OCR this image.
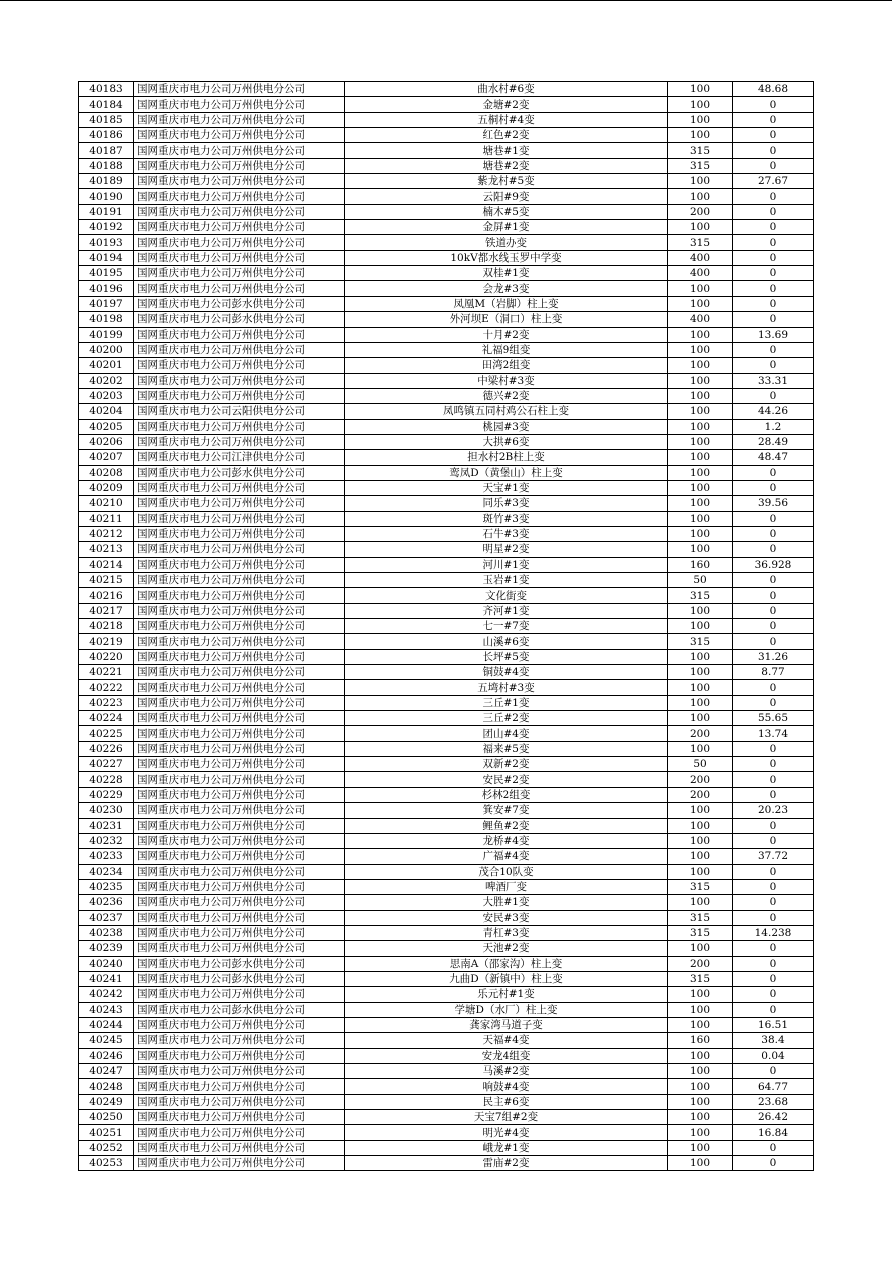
40183	国网重庆市电力公司万州供电分公司	曲水村#6变	100	48.68
40184	国网重庆市电力公司万州供电分公司	金塘#2变	100	0
40185	国网重庆市电力公司万州供电分公司	五桐村#4变	100	0
40186	国网重庆市电力公司万州供电分公司	红色#2变	100	0
40187	国网重庆市电力公司万州供电分公司	塘巷#1变	315	0
40188	国网重庆市电力公司万州供电分公司	塘巷#2变	315	0
40189	国网重庆市电力公司万州供电分公司	紫龙村#5变	100	27.67
40190	国网重庆市电力公司万州供电分公司	云阳#9变	100	0
40191	国网重庆市电力公司万州供电分公司	楠木#5变	200	0
40192	国网重庆市电力公司万州供电分公司	金屏#1变	100	0
40193	国网重庆市电力公司万州供电分公司	铁道办变	315	0
40194	国网重庆市电力公司万州供电分公司	10kV都水线玉罗中学变	400	0
40195	国网重庆市电力公司万州供电分公司	双桂#1变	400	0
40196	国网重庆市电力公司万州供电分公司	会龙#3变	100	0
40197	国网重庆市电力公司彭水供电分公司	凤凰M（岩脚）柱上变	100	0
40198	国网重庆市电力公司彭水供电分公司	外河坝E（洞口）柱上变	400	0
40199	国网重庆市电力公司万州供电分公司	十月#2变	100	13.69
40200	国网重庆市电力公司万州供电分公司	礼福9组变	100	0
40201	国网重庆市电力公司万州供电分公司	田湾2组变	100	0
40202	国网重庆市电力公司万州供电分公司	中梁村#3变	100	33.31
40203	国网重庆市电力公司万州供电分公司	德兴#2变	100	0
40204	国网重庆市电力公司云阳供电分公司	凤鸣镇五同村鸡公石柱上变	100	44.26
40205	国网重庆市电力公司万州供电分公司	桃园#3变	100	1.2
40206	国网重庆市电力公司万州供电分公司	大拱#6变	100	28.49
40207	国网重庆市电力公司江津供电分公司	担水村2B柱上变	100	48.47
40208	国网重庆市电力公司彭水供电分公司	鸾凤D（黄堡山）柱上变	100	0
40209	国网重庆市电力公司万州供电分公司	天宝#1变	100	0
40210	国网重庆市电力公司万州供电分公司	同乐#3变	100	39.56
40211	国网重庆市电力公司万州供电分公司	斑竹#3变	100	0
40212	国网重庆市电力公司万州供电分公司	石牛#3变	100	0
40213	国网重庆市电力公司万州供电分公司	明星#2变	100	0
40214	国网重庆市电力公司万州供电分公司	河川#1变	160	36.928
40215	国网重庆市电力公司万州供电分公司	玉岩#1变	50	0
40216	国网重庆市电力公司万州供电分公司	文化街变	315	0
40217	国网重庆市电力公司万州供电分公司	齐河#1变	100	0
40218	国网重庆市电力公司万州供电分公司	七一#7变	100	0
40219	国网重庆市电力公司万州供电分公司	山溪#6变	315	0
40220	国网重庆市电力公司万州供电分公司	长坪#5变	100	31.26
40221	国网重庆市电力公司万州供电分公司	铜鼓#4变	100	8.77
40222	国网重庆市电力公司万州供电分公司	五塆村#3变	100	0
40223	国网重庆市电力公司万州供电分公司	三丘#1变	100	0
40224	国网重庆市电力公司万州供电分公司	三丘#2变	100	55.65
40225	国网重庆市电力公司万州供电分公司	团山#4变	200	13.74
40226	国网重庆市电力公司万州供电分公司	福来#5变	100	0
40227	国网重庆市电力公司万州供电分公司	双新#2变	50	0
40228	国网重庆市电力公司万州供电分公司	安民#2变	200	0
40229	国网重庆市电力公司万州供电分公司	杉林2组变	200	0
40230	国网重庆市电力公司万州供电分公司	箕安#7变	100	20.23
40231	国网重庆市电力公司万州供电分公司	鲤鱼#2变	100	0
40232	国网重庆市电力公司万州供电分公司	龙桥#4变	100	0
40233	国网重庆市电力公司万州供电分公司	广福#4变	100	37.72
40234	国网重庆市电力公司万州供电分公司	茂合10队变	100	0
40235	国网重庆市电力公司万州供电分公司	啤酒厂变	315	0
40236	国网重庆市电力公司万州供电分公司	大胜#1变	100	0
40237	国网重庆市电力公司万州供电分公司	安民#3变	315	0
40238	国网重庆市电力公司万州供电分公司	青杠#3变	315	14.238
40239	国网重庆市电力公司万州供电分公司	天池#2变	100	0
40240	国网重庆市电力公司彭水供电分公司	思南A（邵家沟）柱上变	200	0
40241	国网重庆市电力公司彭水供电分公司	九曲D（新镇中）柱上变	315	0
40242	国网重庆市电力公司万州供电分公司	乐元村#1变	100	0
40243	国网重庆市电力公司彭水供电分公司	学塘D（水厂）柱上变	100	0
40244	国网重庆市电力公司万州供电分公司	龚家湾马道子变	100	16.51
40245	国网重庆市电力公司万州供电分公司	天福#4变	160	38.4
40246	国网重庆市电力公司万州供电分公司	安龙4组变	100	0.04
40247	国网重庆市电力公司万州供电分公司	马溪#2变	100	0
40248	国网重庆市电力公司万州供电分公司	响鼓#4变	100	64.77
40249	国网重庆市电力公司万州供电分公司	民主#6变	100	23.68
40250	国网重庆市电力公司万州供电分公司	天宝7组#2变	100	26.42
40251	国网重庆市电力公司万州供电分公司	明光#4变	100	16.84
40252	国网重庆市电力公司万州供电分公司	峨龙#1变	100	0
40253	国网重庆市电力公司万州供电分公司	雷庙#2变	100	0
